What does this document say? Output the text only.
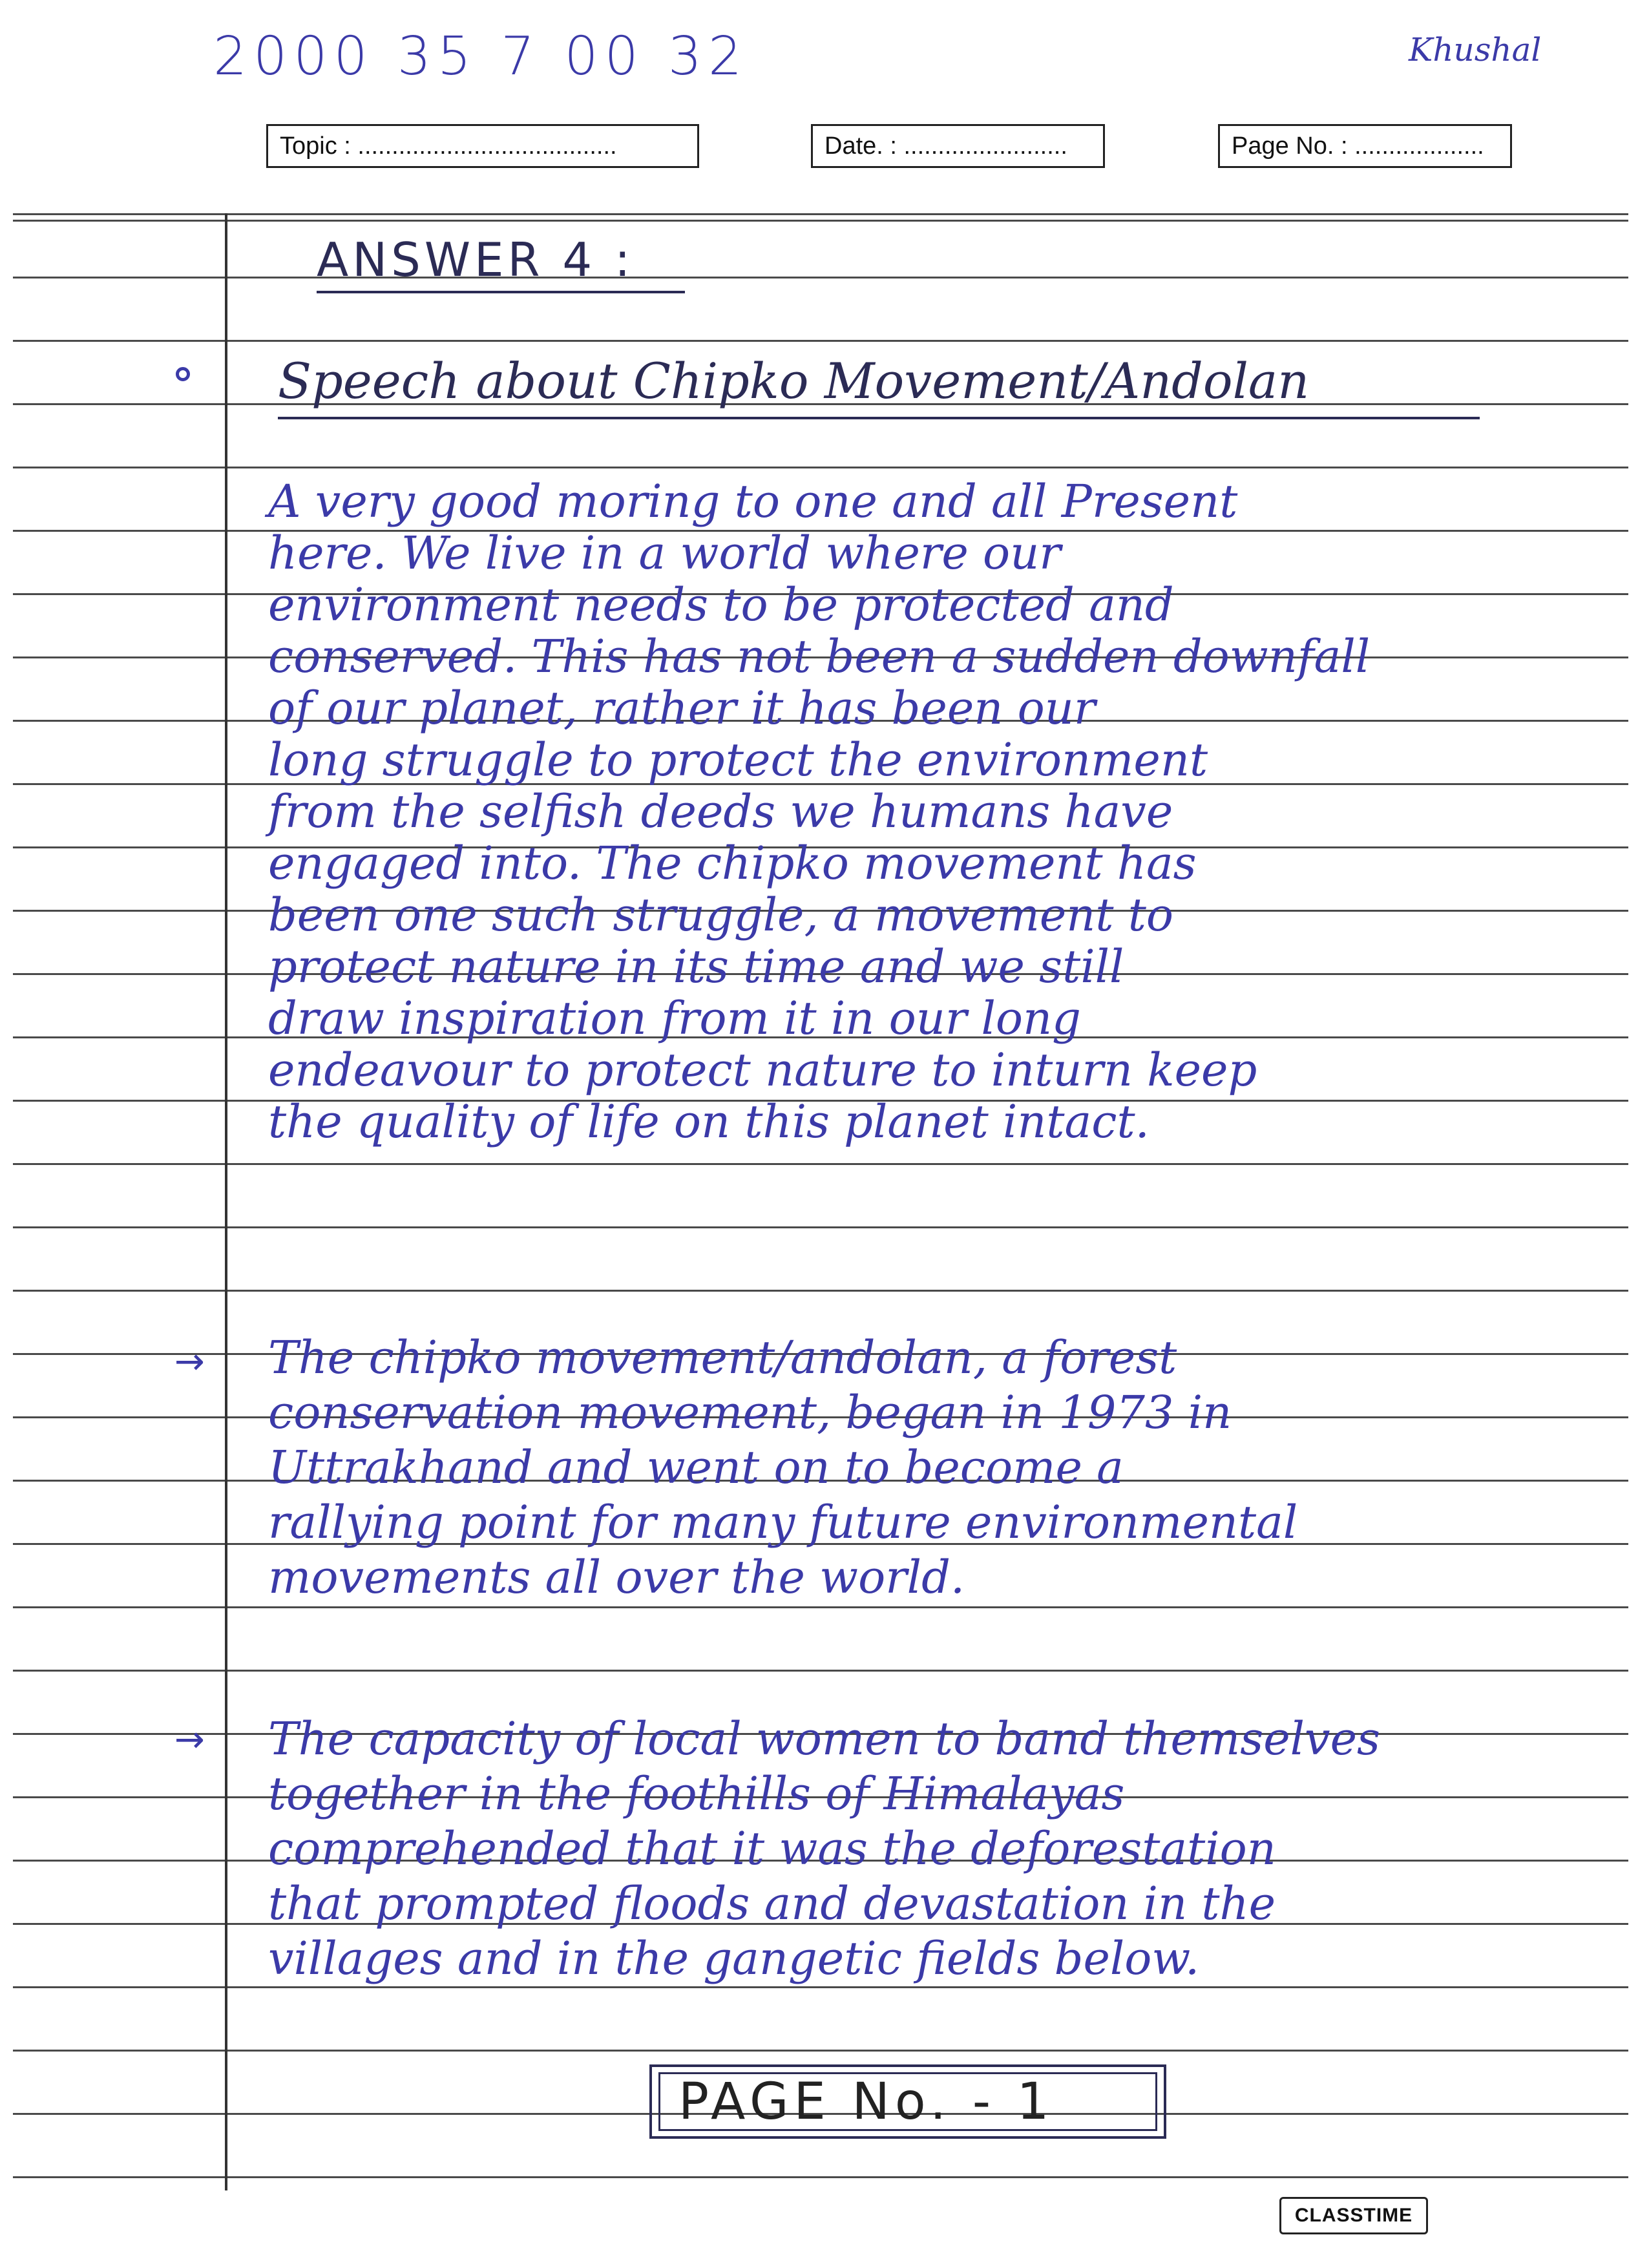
2000 35 7 00 32	Khushal
Topic : ......................................	Date. : ........................	Page No. : ...................
ANSWER 4 :
Speech about Chipko Movement/Andolan
A very good moring to one and all Present
here. We live in a world where our
environment needs to be protected and
conserved. This has not been a sudden downfall
of our planet, rather it has been our
long struggle to protect the environment
from the selfish deeds we humans have
engaged into. The chipko movement has
been one such struggle, a movement to
protect nature in its time and we still
draw inspiration from it in our long
endeavour to protect nature to inturn keep
the quality of life on this planet intact.
→ The chipko movement/andolan, a forest
conservation movement, began in 1973 in
Uttrakhand and went on to become a
rallying point for many future environmental
movements all over the world.
→ The capacity of local women to band themselves
together in the foothills of Himalayas
comprehended that it was the deforestation
that prompted floods and devastation in the
villages and in the gangetic fields below.
PAGE No. - 1
CLASSTIME
